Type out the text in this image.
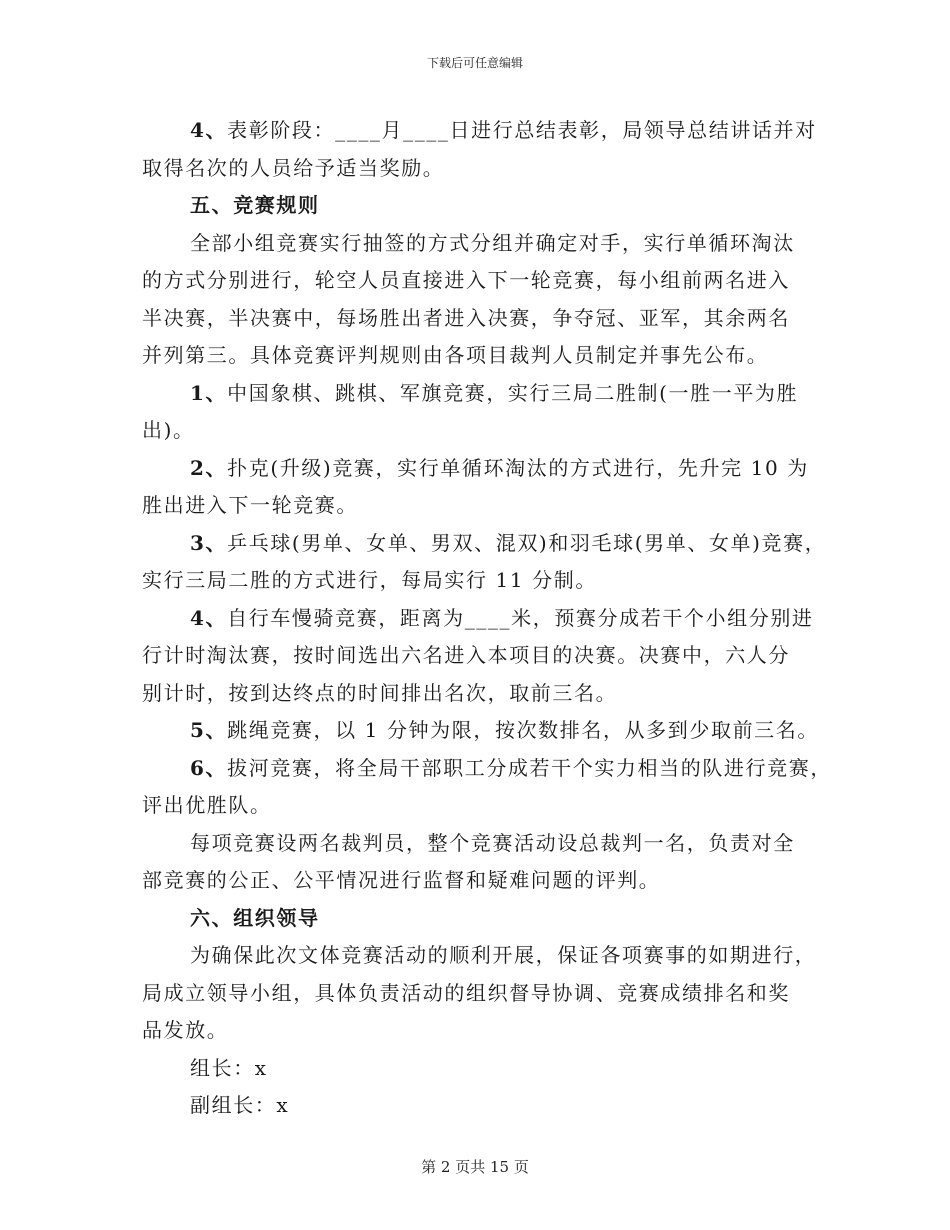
下载后可任意编辑
4、表彰阶段：____月____日进行总结表彰，局领导总结讲话并对
取得名次的人员给予适当奖励。
五、竞赛规则
全部小组竞赛实行抽签的方式分组并确定对手，实行单循环淘汰
的方式分别进行，轮空人员直接进入下一轮竞赛，每小组前两名进入
半决赛，半决赛中，每场胜出者进入决赛，争夺冠、亚军，其余两名
并列第三。具体竞赛评判规则由各项目裁判人员制定并事先公布。
1、中国象棋、跳棋、军旗竞赛，实行三局二胜制(一胜一平为胜
出)。
2、扑克(升级)竞赛，实行单循环淘汰的方式进行，先升完 10 为
胜出进入下一轮竞赛。
3、乒乓球(男单、女单、男双、混双)和羽毛球(男单、女单)竞赛，
实行三局二胜的方式进行，每局实行 11 分制。
4、自行车慢骑竞赛，距离为____米，预赛分成若干个小组分别进
行计时淘汰赛，按时间选出六名进入本项目的决赛。决赛中，六人分
别计时，按到达终点的时间排出名次，取前三名。
5、跳绳竞赛，以 1 分钟为限，按次数排名，从多到少取前三名。
6、拔河竞赛，将全局干部职工分成若干个实力相当的队进行竞赛，
评出优胜队。
每项竞赛设两名裁判员，整个竞赛活动设总裁判一名，负责对全
部竞赛的公正、公平情况进行监督和疑难问题的评判。
六、组织领导
为确保此次文体竞赛活动的顺利开展，保证各项赛事的如期进行，
局成立领导小组，具体负责活动的组织督导协调、竞赛成绩排名和奖
品发放。
组长：x
副组长：x
第 2 页共 15 页
